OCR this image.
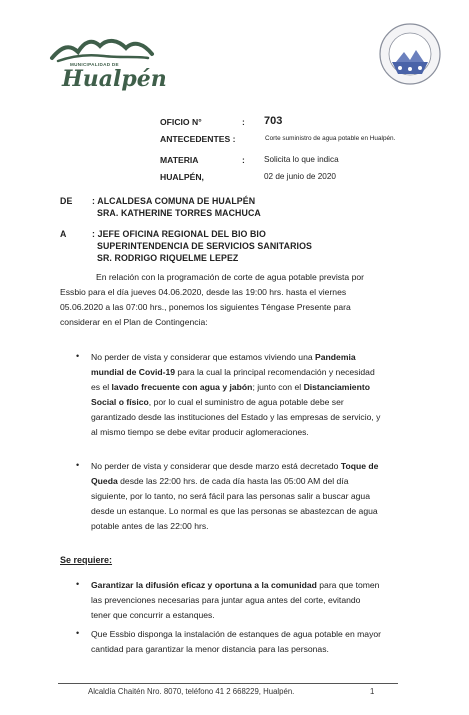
MUNICIPALIDAD DE
Hualpén
OFICIO N°	: 703
ANTECEDENTES :	Corte suministro de agua potable en Hualpén.
MATERIA	: Solicita lo que indica
HUALPÉN,	02 de junio de 2020
DE : ALCALDESA COMUNA DE HUALPÉN
SRA. KATHERINE TORRES MACHUCA
A	: JEFE OFICINA REGIONAL DEL BIO BIO
SUPERINTENDENCIA DE SERVICIOS SANITARIOS
SR. RODRIGO RIQUELME LEPEZ
En relación con la programación de corte de agua potable prevista por
Essbio para el día jueves 04.06.2020, desde las 19:00 hrs. hasta el viernes
05.06.2020 a las 07:00 hrs., ponemos los siguientes Téngase Presente para
considerar en el Plan de Contingencia:
• No perder de vista y considerar que estamos viviendo una Pandemia
mundial de Covid-19 para la cual la principal recomendación y necesidad
es el lavado frecuente con agua y jabón; junto con el Distanciamiento
Social o físico, por lo cual el suministro de agua potable debe ser
garantizado desde las instituciones del Estado y las empresas de servicio, y
al mismo tiempo se debe evitar producir aglomeraciones.
• No perder de vista y considerar que desde marzo está decretado Toque de
Queda desde las 22:00 hrs. de cada día hasta las 05:00 AM del día
siguiente, por lo tanto, no será fácil para las personas salir a buscar agua
desde un estanque. Lo normal es que las personas se abastezcan de agua
potable antes de las 22:00 hrs.
Se requiere:
• Garantizar la difusión eficaz y oportuna a la comunidad para que tomen
las prevenciones necesarias para juntar agua antes del corte, evitando
tener que concurrir a estanques.
• Que Essbio disponga la instalación de estanques de agua potable en mayor
cantidad para garantizar la menor distancia para las personas.
Alcaldía Chaitén Nro. 8070, teléfono 41 2 668229, Hualpén.	1
